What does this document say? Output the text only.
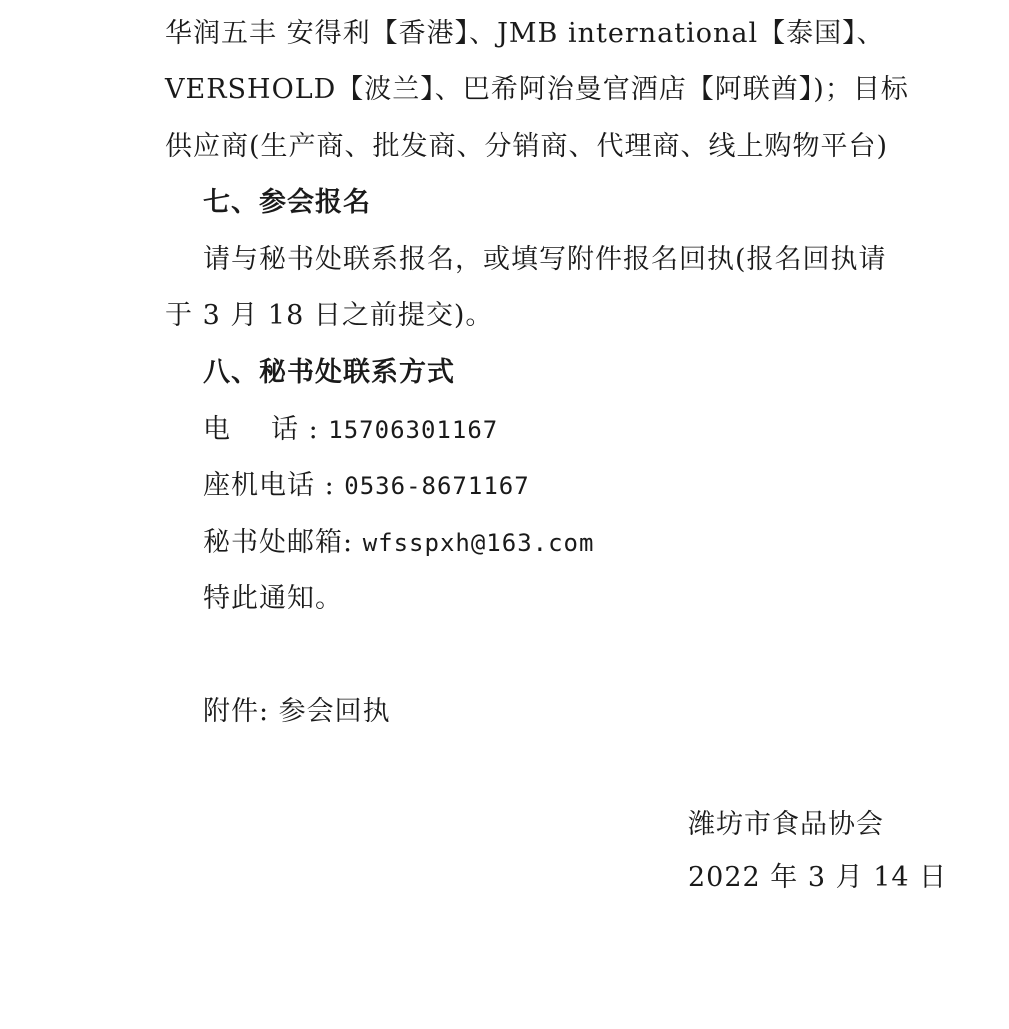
华润五丰 安得利【香港】、JMB international【泰国】、
VERSHOLD【波兰】、巴希阿治曼官酒店【阿联酋】)；目标
供应商(生产商、批发商、分销商、代理商、线上购物平台)
七、参会报名
请与秘书处联系报名，或填写附件报名回执(报名回执请
于 3 月 18 日之前提交)。
八、秘书处联系方式
电 话 : 15706301167
座机电话 : 0536-8671167
秘书处邮箱: wfsspxh@163.com
特此通知。
附件: 参会回执
潍坊市食品协会
2022 年 3 月 14 日
